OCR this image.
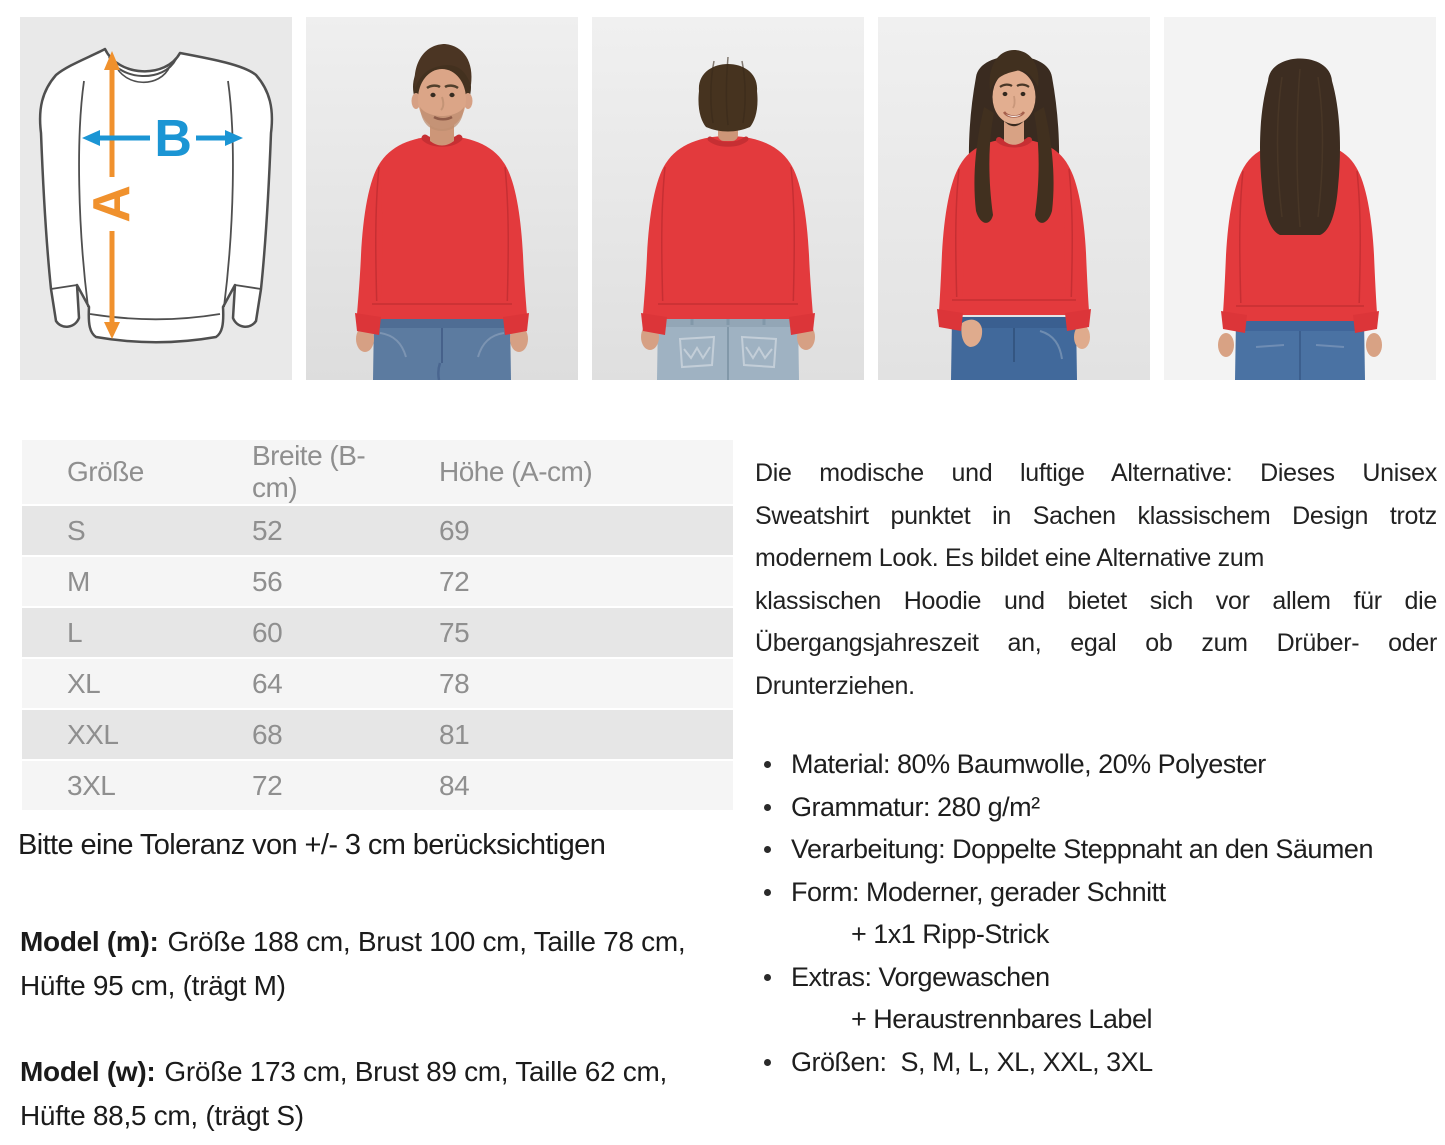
A
B
Größe	Breite (B-cm)	Höhe (A-cm)
S	52	69
M	56	72
L	60	75
XL	64	78
XXL	68	81
3XL	72	84

Bitte eine Toleranz von +/- 3 cm berücksichtigen

Model (m): Größe 188 cm, Brust 100 cm, Taille 78 cm, Hüfte 95 cm, (trägt M)

Model (w): Größe 173 cm, Brust 89 cm, Taille 62 cm, Hüfte 88,5 cm, (trägt S)

Die modische und luftige Alternative: Dieses Unisex
Sweatshirt punktet in Sachen klassischem Design trotz
modernem Look. Es bildet eine Alternative zum
klassischen Hoodie und bietet sich vor allem für die
Übergangsjahreszeit an, egal ob zum Drüber- oder
Drunterziehen.
Material: 80% Baumwolle, 20% Polyester
Grammatur: 280 g/m²
Verarbeitung: Doppelte Steppnaht an den Säumen
Form: Moderner, gerader Schnitt
+ 1x1 Ripp-Strick
Extras: Vorgewaschen
+ Heraustrennbares Label
Größen:  S, M, L, XL, XXL, 3XL
